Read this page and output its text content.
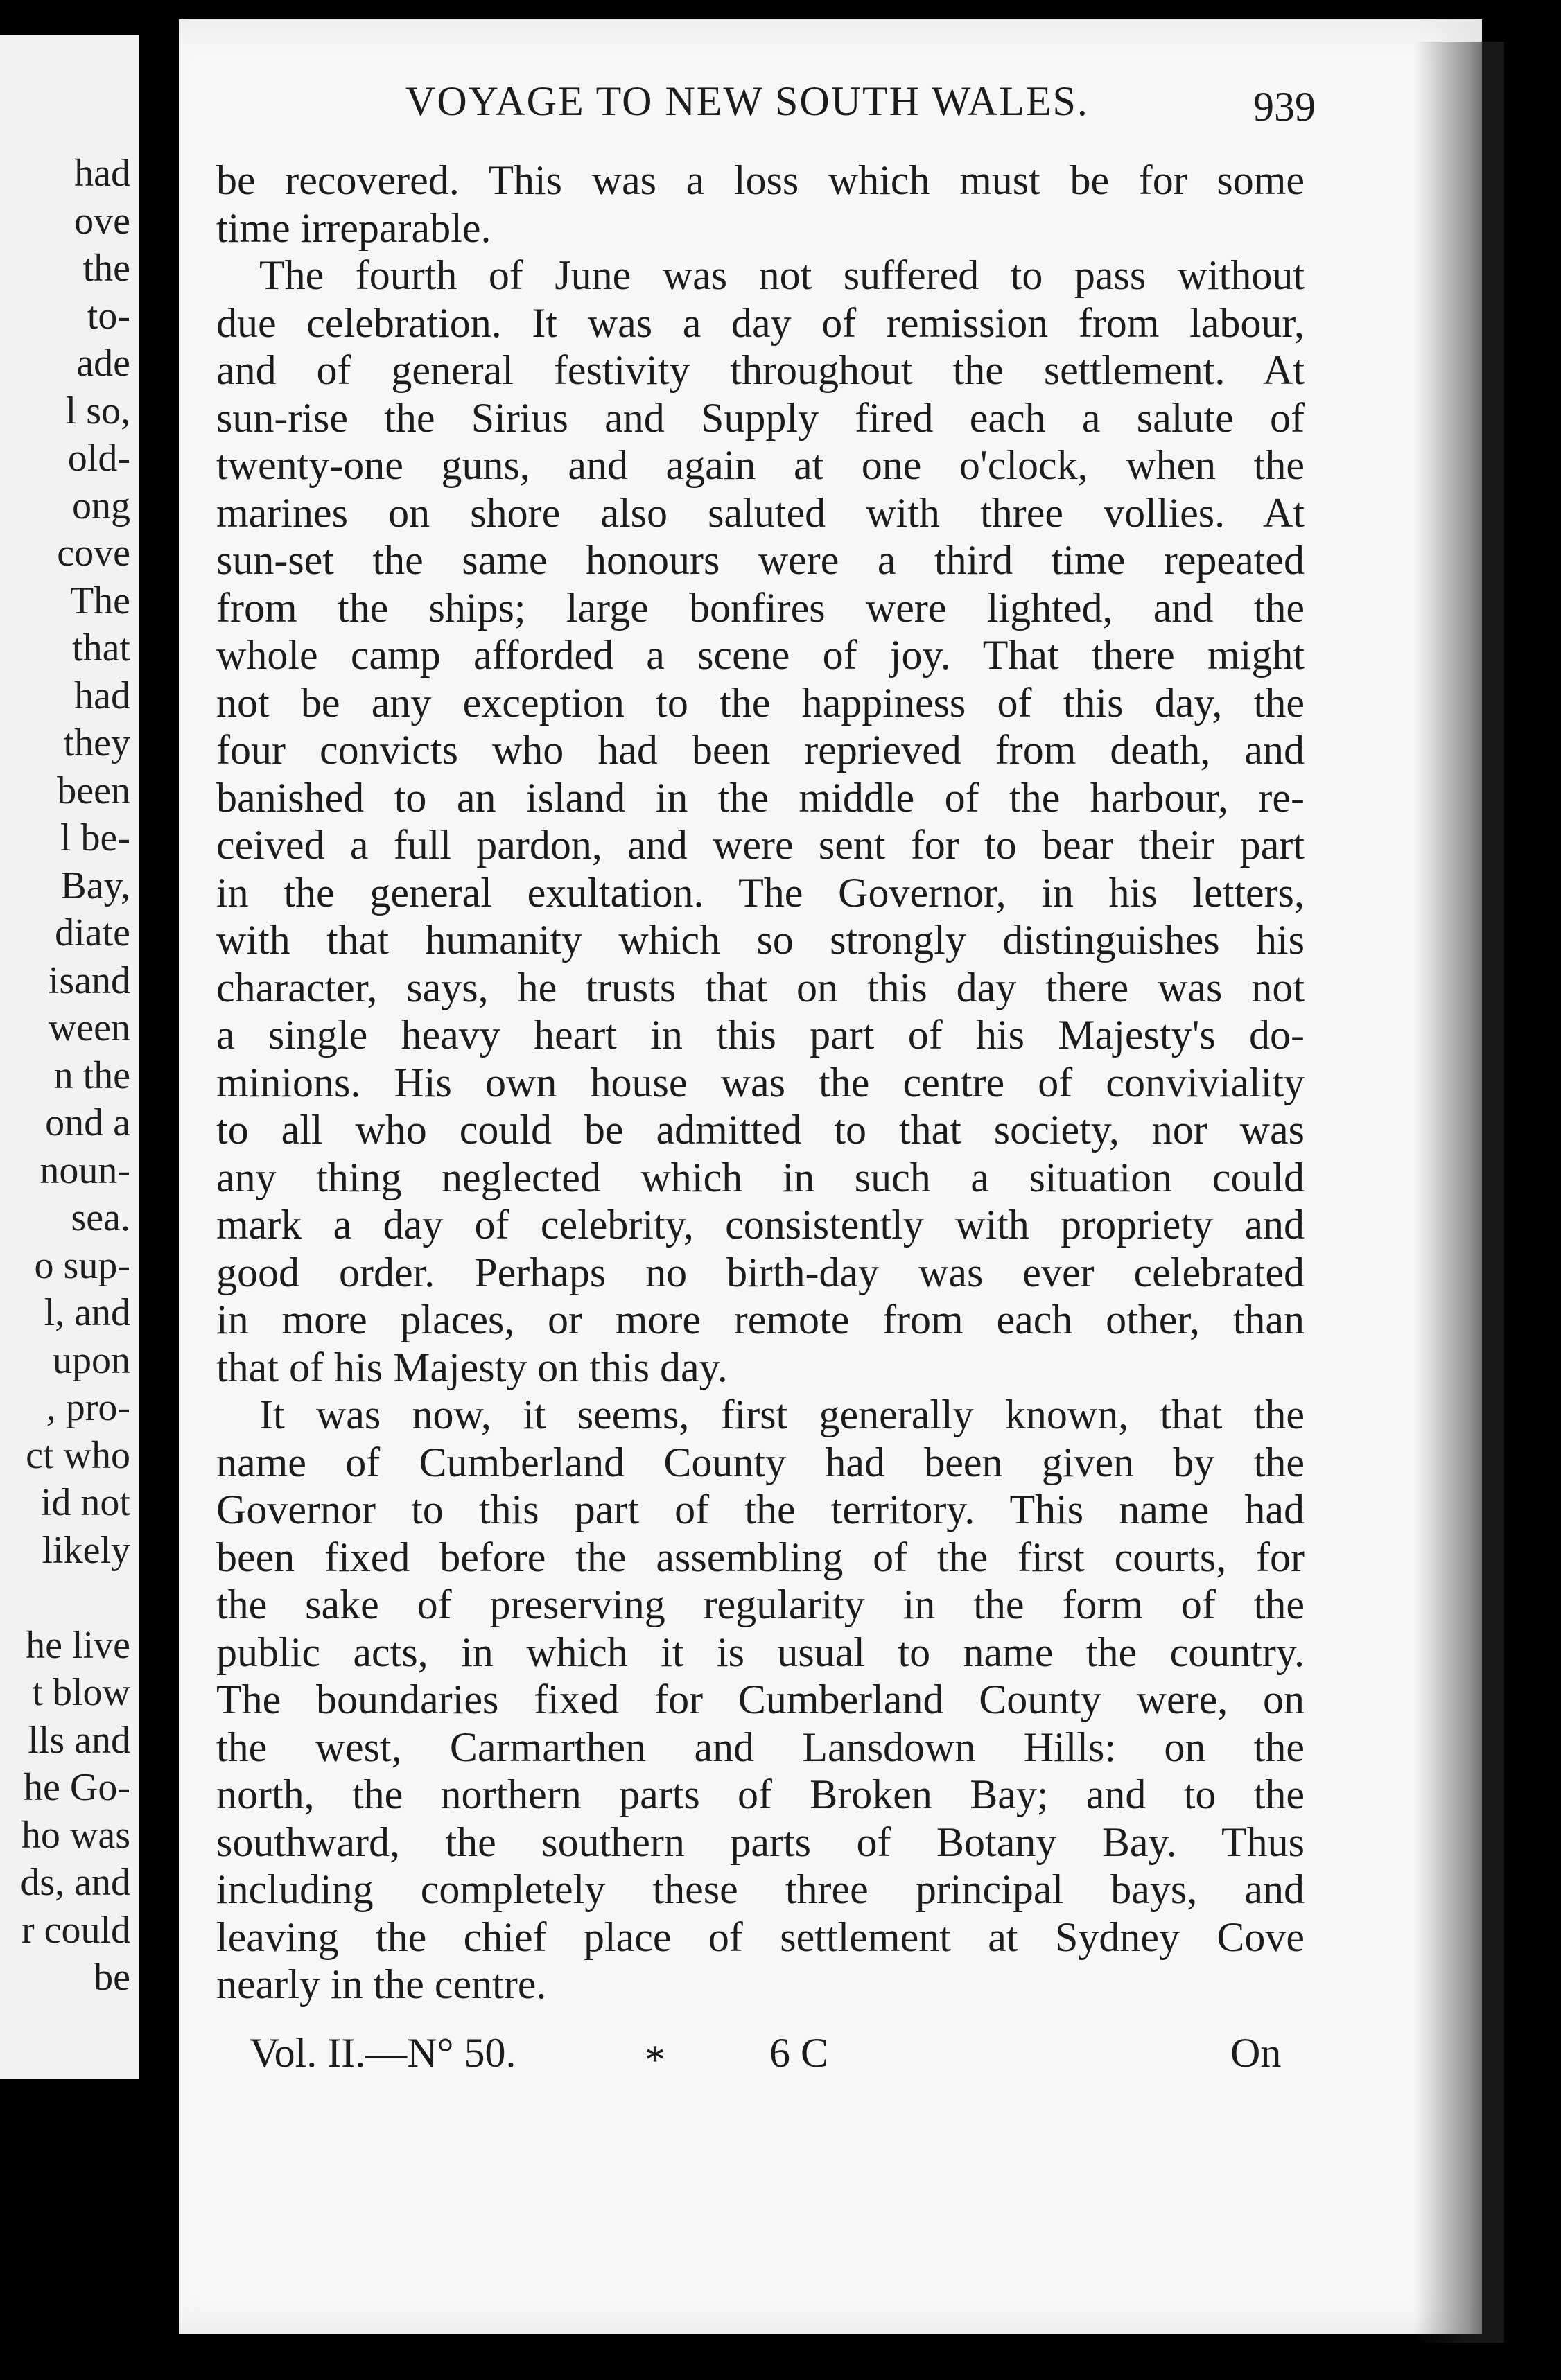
had
ove
the
to-
ade
l so,
old-
ong
cove
The
that
had
they
been
l be-
Bay,
diate
isand
ween
n the
ond a
noun-
sea.
o sup-
l, and
upon
, pro-
ct who
id not
likely
he live
t blow
lls and
he Go-
ho was
ds, and
r could
be
VOYAGE TO NEW SOUTH WALES.	939
be recovered. This was a loss which must be for some
time irreparable.
The fourth of June was not suffered to pass without
due celebration. It was a day of remission from labour,
and of general festivity throughout the settlement. At
sun-rise the Sirius and Supply fired each a salute of
twenty-one guns, and again at one o'clock, when the
marines on shore also saluted with three vollies. At
sun-set the same honours were a third time repeated
from the ships; large bonfires were lighted, and the
whole camp afforded a scene of joy. That there might
not be any exception to the happiness of this day, the
four convicts who had been reprieved from death, and
banished to an island in the middle of the harbour, re-
ceived a full pardon, and were sent for to bear their part
in the general exultation. The Governor, in his letters,
with that humanity which so strongly distinguishes his
character, says, he trusts that on this day there was not
a single heavy heart in this part of his Majesty's do-
minions. His own house was the centre of conviviality
to all who could be admitted to that society, nor was
any thing neglected which in such a situation could
mark a day of celebrity, consistently with propriety and
good order. Perhaps no birth-day was ever celebrated
in more places, or more remote from each other, than
that of his Majesty on this day.
It was now, it seems, first generally known, that the
name of Cumberland County had been given by the
Governor to this part of the territory. This name had
been fixed before the assembling of the first courts, for
the sake of preserving regularity in the form of the
public acts, in which it is usual to name the country.
The boundaries fixed for Cumberland County were, on
the west, Carmarthen and Lansdown Hills: on the
north, the northern parts of Broken Bay; and to the
southward, the southern parts of Botany Bay. Thus
including completely these three principal bays, and
leaving the chief place of settlement at Sydney Cove
nearly in the centre.
Vol. II.—N° 50.	*	6 C	On
